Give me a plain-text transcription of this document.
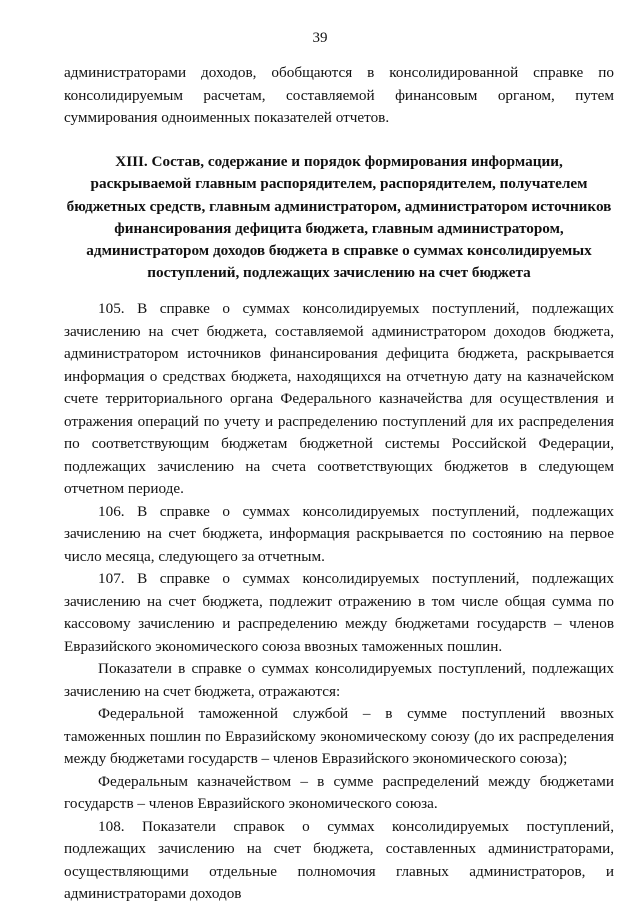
39

администраторами доходов, обобщаются в консолидированной справке по консолидируемым расчетам, составляемой финансовым органом, путем суммирования одноименных показателей отчетов.

XIII. Состав, содержание и порядок формирования информации, раскрываемой главным распорядителем, распорядителем, получателем бюджетных средств, главным администратором, администратором источников финансирования дефицита бюджета, главным администратором, администратором доходов бюджета в справке о суммах консолидируемых поступлений, подлежащих зачислению на счет бюджета

105. В справке о суммах консолидируемых поступлений, подлежащих зачислению на счет бюджета, составляемой администратором доходов бюджета, администратором источников финансирования дефицита бюджета, раскрывается информация о средствах бюджета, находящихся на отчетную дату на казначейском счете территориального органа Федерального казначейства для осуществления и отражения операций по учету и распределению поступлений для их распределения по соответствующим бюджетам бюджетной системы Российской Федерации, подлежащих зачислению на счета соответствующих бюджетов в следующем отчетном периоде.

106. В справке о суммах консолидируемых поступлений, подлежащих зачислению на счет бюджета, информация раскрывается по состоянию на первое число месяца, следующего за отчетным.

107. В справке о суммах консолидируемых поступлений, подлежащих зачислению на счет бюджета, подлежит отражению в том числе общая сумма по кассовому зачислению и распределению между бюджетами государств – членов Евразийского экономического союза ввозных таможенных пошлин.

Показатели в справке о суммах консолидируемых поступлений, подлежащих зачислению на счет бюджета, отражаются:

Федеральной таможенной службой – в сумме поступлений ввозных таможенных пошлин по Евразийскому экономическому союзу (до их распределения между бюджетами государств – членов Евразийского экономического союза);

Федеральным казначейством – в сумме распределений между бюджетами государств – членов Евразийского экономического союза.

108. Показатели справок о суммах консолидируемых поступлений, подлежащих зачислению на счет бюджета, составленных администраторами, осуществляющими отдельные полномочия главных администраторов, и администраторами доходов
